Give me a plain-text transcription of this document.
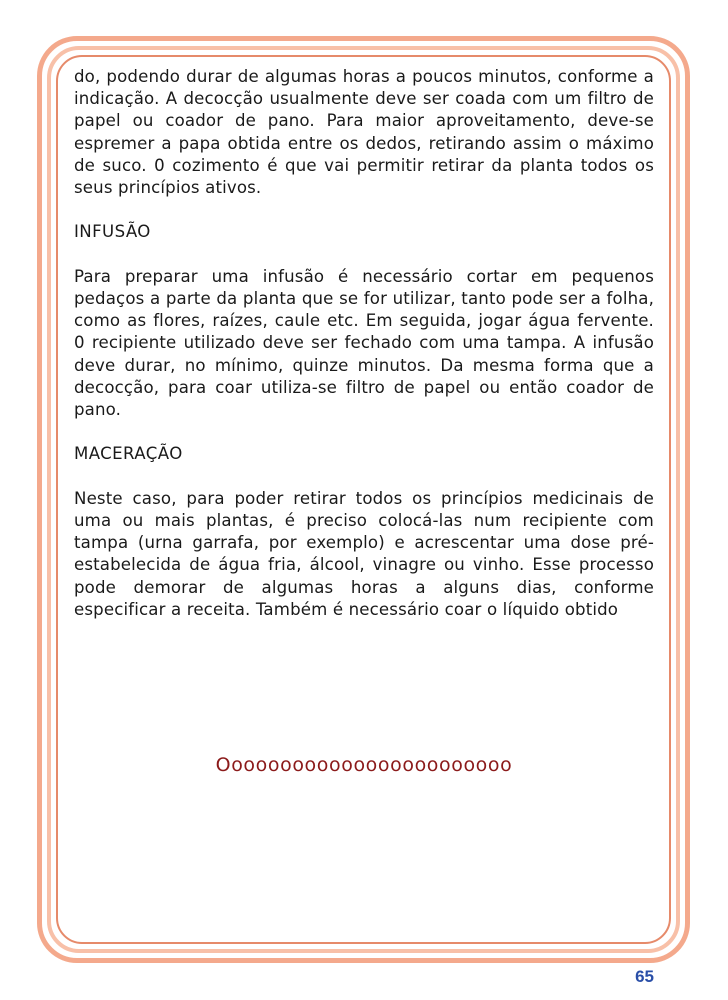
do, podendo durar de algumas horas a poucos minutos, conforme a indicação. A decocção usualmente deve ser coada com um filtro de papel ou coador de pano. Para maior aproveitamento, deve-se espremer a papa obtida entre os dedos, retirando assim o máximo de suco. 0 cozimento é que vai permitir retirar da planta todos os seus princípios ativos.

INFUSÃO

Para preparar uma infusão é necessário cortar em pequenos pedaços a parte da planta que se for utilizar, tanto pode ser a folha, como as flores, raízes, caule etc. Em seguida, jogar água fervente. 0 recipiente utilizado deve ser fechado com uma tampa. A infusão deve durar, no mínimo, quinze minutos. Da mesma forma que a decocção, para coar utiliza-se filtro de papel ou então coador de pano.

MACERAÇÃO

Neste caso, para poder retirar todos os princípios medicinais de uma ou mais plantas, é preciso colocá-las num recipiente com tampa (urna garrafa, por exemplo) e acrescentar uma dose pré-estabelecida de água fria, álcool, vinagre ou vinho. Esse processo pode demorar de algumas horas a alguns dias, conforme especificar a receita. Também é necessário coar o líquido obtido

Oooooooooooooooooooooooo
65
